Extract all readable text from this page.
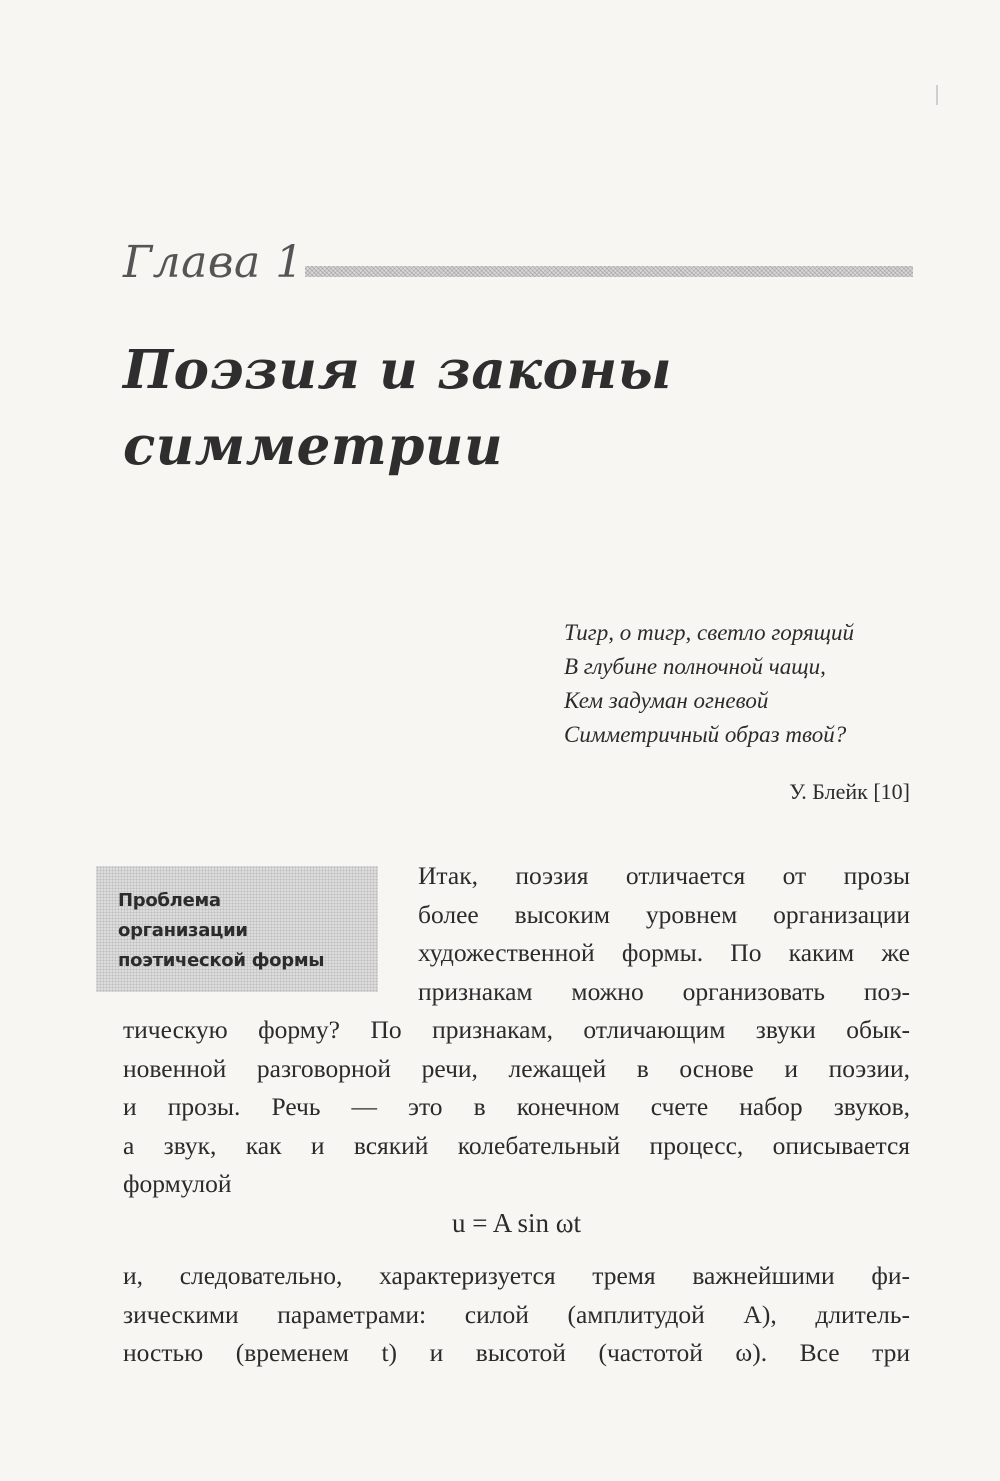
Глава 1
Поэзия и законы
симметрии
Тигр, о тигр, светло горящий
В глубине полночной чащи,
Кем задуман огневой
Симметричный образ твой?
У. Блейк [10]
Проблема
организации
поэтической формы
Итак, поэзия отличается от прозы
более высоким уровнем организации
художественной формы. По каким же
признакам можно организовать поэ-
тическую форму? По признакам, отличающим звуки обык-
новенной разговорной речи, лежащей в основе и поэзии,
и прозы. Речь — это в конечном счете набор звуков,
а звук, как и всякий колебательный процесс, описывается
формулой
u = A sin ωt
и, следовательно, характеризуется тремя важнейшими фи-
зическими параметрами: силой (амплитудой A), длитель-
ностью (временем t) и высотой (частотой ω). Все три
